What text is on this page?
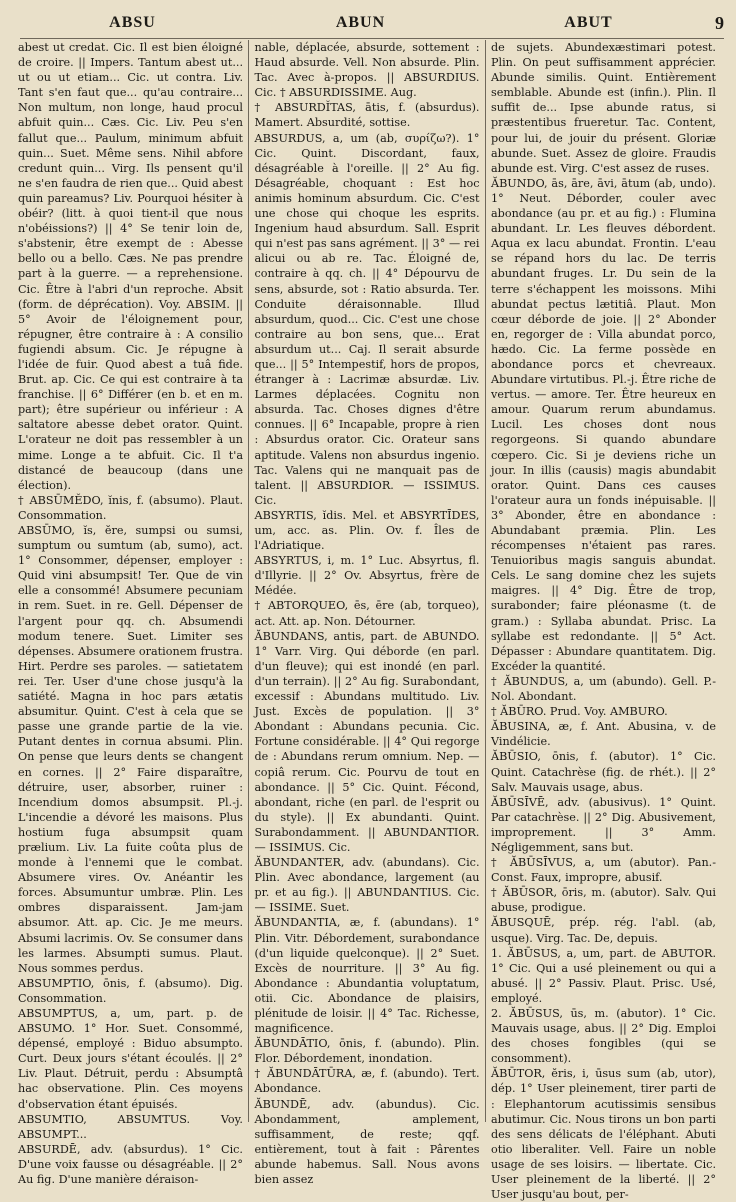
ABSU	ABUN	ABUT	9

abest ut credat. Cic. Il est bien éloigné de croire. || Impers. Tantum abest ut... ut ou ut etiam... Cic. ut contra. Liv. Tant s'en faut que... qu'au contraire... Non multum, non longe, haud procul abfuit quin... Cæs. Cic. Liv. Peu s'en fallut que... Paulum, minimum abfuit quin... Suet. Même sens. Nihil abfore credunt quin... Virg. Ils pensent qu'il ne s'en faudra de rien que... Quid abest quin pareamus? Liv. Pourquoi hésiter à obéir? (litt. à quoi tient-il que nous n'obéissions?) || 4° Se tenir loin de, s'abstenir, être exempt de : Abesse bello ou a bello. Cæs. Ne pas prendre part à la guerre. — a reprehensione. Cic. Être à l'abri d'un reproche. Absit (form. de déprécation). Voy. ABSIM. || 5° Avoir de l'éloignement pour, répugner, être contraire à : A consilio fugiendi absum. Cic. Je répugne à l'idée de fuir. Quod abest a tuâ fide. Brut. ap. Cic. Ce qui est contraire à ta franchise. || 6° Différer (en b. et en m. part); être supérieur ou inférieur : A saltatore abesse debet orator. Quint. L'orateur ne doit pas ressembler à un mime. Longe a te abfuit. Cic. Il t'a distancé de beaucoup (dans une élection).

† ABSŪMĔDO, ĭnis, f. (absumo). Plaut. Consommation.

ABSŪMO, ĭs, ĕre, sumpsi ou sumsi, sumptum ou sumtum (ab, sumo), act. 1° Consommer, dépenser, employer : Quid vini absumpsit! Ter. Que de vin elle a consommé! Absumere pecuniam in rem. Suet. in re. Gell. Dépenser de l'argent pour qq. ch. Absumendi modum tenere. Suet. Limiter ses dépenses. Absumere orationem frustra. Hirt. Perdre ses paroles. — satietatem rei. Ter. User d'une chose jusqu'à la satiété. Magna in hoc pars ætatis absumitur. Quint. C'est à cela que se passe une grande partie de la vie. Putant dentes in cornua absumi. Plin. On pense que leurs dents se changent en cornes. || 2° Faire disparaître, détruire, user, absorber, ruiner : Incendium domos absumpsit. Pl.-j. L'incendie a dévoré les maisons. Plus hostium fuga absumpsit quam prælium. Liv. La fuite coûta plus de monde à l'ennemi que le combat. Absumere vires. Ov. Anéantir les forces. Absumuntur umbræ. Plin. Les ombres disparaissent. Jam-jam absumor. Att. ap. Cic. Je me meurs. Absumi lacrimis. Ov. Se consumer dans les larmes. Absumpti sumus. Plaut. Nous sommes perdus.

ABSUMPTIO, ōnis, f. (absumo). Dig. Consommation.

ABSUMPTUS, a, um, part. p. de ABSUMO. 1° Hor. Suet. Consommé, dépensé, employé : Biduo absumpto. Curt. Deux jours s'étant écoulés. || 2° Liv. Plaut. Détruit, perdu : Absumptâ hac observatione. Plin. Ces moyens d'observation étant épuisés.

ABSUMTIO, ABSUMTUS. Voy. ABSUMPT...

ABSURDĒ, adv. (absurdus). 1° Cic. D'une voix fausse ou désagréable. || 2° Au fig. D'une manière déraison-

nable, déplacée, absurde, sottement : Haud absurde. Vell. Non absurde. Plin. Tac. Avec à-propos. || ABSURDIUS. Cic. † ABSURDISSIME. Aug.

† ABSURDĬTAS, ātis, f. (absurdus). Mamert. Absurdité, sottise.

ABSURDUS, a, um (ab, συρίζω?). 1° Cic. Quint. Discordant, faux, désagréable à l'oreille. || 2° Au fig. Désagréable, choquant : Est hoc animis hominum absurdum. Cic. C'est une chose qui choque les esprits. Ingenium haud absurdum. Sall. Esprit qui n'est pas sans agrément. || 3° — rei alicui ou ab re. Tac. Éloigné de, contraire à qq. ch. || 4° Dépourvu de sens, absurde, sot : Ratio absurda. Ter. Conduite déraisonnable. Illud absurdum, quod... Cic. C'est une chose contraire au bon sens, que... Erat absurdum ut... Caj. Il serait absurde que... || 5° Intempestif, hors de propos, étranger à : Lacrimæ absurdæ. Liv. Larmes déplacées. Cognitu non absurda. Tac. Choses dignes d'être connues. || 6° Incapable, propre à rien : Absurdus orator. Cic. Orateur sans aptitude. Valens non absurdus ingenio. Tac. Valens qui ne manquait pas de talent. || ABSURDIOR. — ISSIMUS. Cic.

ABSYRTIS, ĭdis. Mel. et ABSYRTĪDES, um, acc. as. Plin. Ov. f. Îles de l'Adriatique.

ABSYRTUS, i, m. 1° Luc. Absyrtus, fl. d'Illyrie. || 2° Ov. Absyrtus, frère de Médée.

† ABTORQUEO, ēs, ēre (ab, torqueo), act. Att. ap. Non. Détourner.

ĂBUNDANS, antis, part. de ABUNDO. 1° Varr. Virg. Qui déborde (en parl. d'un fleuve); qui est inondé (en parl. d'un terrain). || 2° Au fig. Surabondant, excessif : Abundans multitudo. Liv. Just. Excès de population. || 3° Abondant : Abundans pecunia. Cic. Fortune considérable. || 4° Qui regorge de : Abundans rerum omnium. Nep. — copiâ rerum. Cic. Pourvu de tout en abondance. || 5° Cic. Quint. Fécond, abondant, riche (en parl. de l'esprit ou du style). || Ex abundanti. Quint. Surabondamment. || ABUNDANTIOR. — ISSIMUS. Cic.

ĂBUNDANTER, adv. (abundans). Cic. Plin. Avec abondance, largement (au pr. et au fig.). || ABUNDANTIUS. Cic. — ISSIME. Suet.

ĂBUNDANTIA, æ, f. (abundans). 1° Plin. Vitr. Débordement, surabondance (d'un liquide quelconque). || 2° Suet. Excès de nourriture. || 3° Au fig. Abondance : Abundantia voluptatum, otii. Cic. Abondance de plaisirs, plénitude de loisir. || 4° Tac. Richesse, magnificence.

ĂBUNDĀTIO, ōnis, f. (abundo). Plin. Flor. Débordement, inondation.

† ĂBUNDĀTŪRA, æ, f. (abundo). Tert. Abondance.

ĂBUNDĒ, adv. (abundus). Cic. Abondamment, amplement, suffisamment, de reste; qqf. entièrement, tout à fait : Pârentes abunde habemus. Sall. Nous avons bien assez

de sujets. Abundexæstimari potest. Plin. On peut suffisamment apprécier. Abunde similis. Quint. Entièrement semblable. Abunde est (infin.). Plin. Il suffit de... Ipse abunde ratus, si præstentibus frueretur. Tac. Content, pour lui, de jouir du présent. Gloriæ abunde. Suet. Assez de gloire. Fraudis abunde est. Virg. C'est assez de ruses.

ĂBUNDO, ās, āre, āvi, ātum (ab, undo). 1° Neut. Déborder, couler avec abondance (au pr. et au fig.) : Flumina abundant. Lr. Les fleuves débordent. Aqua ex lacu abundat. Frontin. L'eau se répand hors du lac. De terris abundant fruges. Lr. Du sein de la terre s'échappent les moissons. Mihi abundat pectus lætitiâ. Plaut. Mon cœur déborde de joie. || 2° Abonder en, regorger de : Villa abundat porco, hædo. Cic. La ferme possède en abondance porcs et chevreaux. Abundare virtutibus. Pl.-j. Être riche de vertus. — amore. Ter. Être heureux en amour. Quarum rerum abundamus. Lucil. Les choses dont nous regorgeons. Si quando abundare cœpero. Cic. Si je deviens riche un jour. In illis (causis) magis abundabit orator. Quint. Dans ces causes l'orateur aura un fonds inépuisable. || 3° Abonder, être en abondance : Abundabant præmia. Plin. Les récompenses n'étaient pas rares. Tenuioribus magis sanguis abundat. Cels. Le sang domine chez les sujets maigres. || 4° Dig. Être de trop, surabonder; faire pléonasme (t. de gram.) : Syllaba abundat. Prisc. La syllabe est redondante. || 5° Act. Dépasser : Abundare quantitatem. Dig. Excéder la quantité.

† ĂBUNDUS, a, um (abundo). Gell. P.-Nol. Abondant.

† ĂBŪRO. Prud. Voy. AMBURO.

ĂBUSINA, æ, f. Ant. Abusina, v. de Vindélicie.

ĂBŪSIO, ōnis, f. (abutor). 1° Cic. Quint. Catachrèse (fig. de rhét.). || 2° Salv. Mauvais usage, abus.

ĂBŪSĪVĒ, adv. (abusivus). 1° Quint. Par catachrèse. || 2° Dig. Abusivement, improprement. || 3° Amm. Négligemment, sans but.

† ĂBŪSĪVUS, a, um (abutor). Pan.-Const. Faux, impropre, abusif.

† ĂBŪSOR, ōris, m. (abutor). Salv. Qui abuse, prodigue.

ĂBUSQUĒ, prép. rég. l'abl. (ab, usque). Virg. Tac. De, depuis.

1. ĂBŪSUS, a, um, part. de ABUTOR. 1° Cic. Qui a usé pleinement ou qui a abusé. || 2° Passiv. Plaut. Prisc. Usé, employé.

2. ĂBŪSUS, ūs, m. (abutor). 1° Cic. Mauvais usage, abus. || 2° Dig. Emploi des choses fongibles (qui se consomment).

ĂBŪTOR, ĕris, i, ūsus sum (ab, utor), dép. 1° User pleinement, tirer parti de : Elephantorum acutissimis sensibus abutimur. Cic. Nous tirons un bon parti des sens délicats de l'éléphant. Abuti otio liberaliter. Vell. Faire un noble usage de ses loisirs. — libertate. Cic. User pleinement de la liberté. || 2° User jusqu'au bout, per-
